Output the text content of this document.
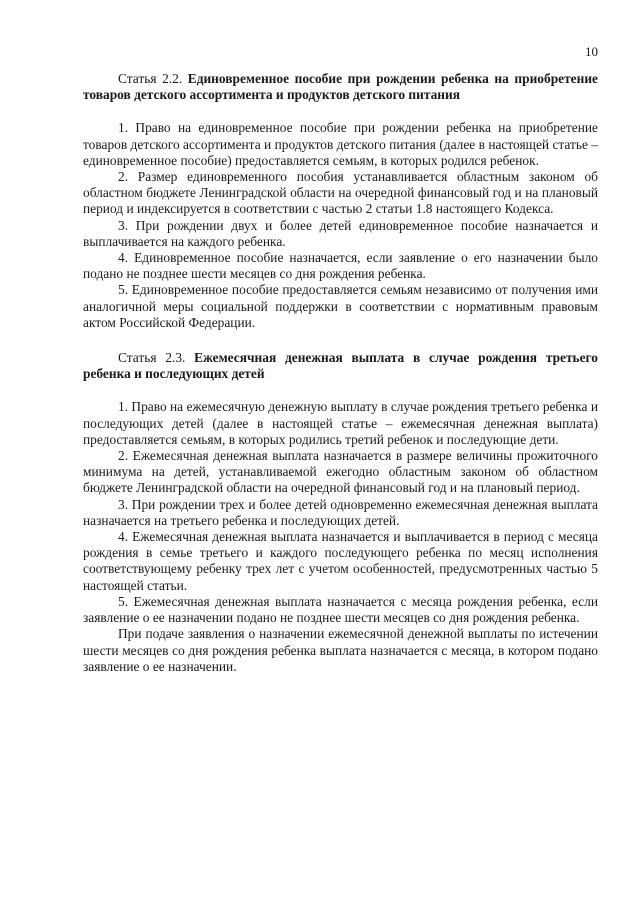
10

Статья 2.2. Единовременное пособие при рождении ребенка на приобретение товаров детского ассортимента и продуктов детского питания

1. Право на единовременное пособие при рождении ребенка на приобретение товаров детского ассортимента и продуктов детского питания (далее в настоящей статье – единовременное пособие) предоставляется семьям, в которых родился ребенок.

2. Размер единовременного пособия устанавливается областным законом об областном бюджете Ленинградской области на очередной финансовый год и на плановый период и индексируется в соответствии с частью 2 статьи 1.8 настоящего Кодекса.

3. При рождении двух и более детей единовременное пособие назначается и выплачивается на каждого ребенка.

4. Единовременное пособие назначается, если заявление о его назначении было подано не позднее шести месяцев со дня рождения ребенка.

5. Единовременное пособие предоставляется семьям независимо от получения ими аналогичной меры социальной поддержки в соответствии с нормативным правовым актом Российской Федерации.

Статья 2.3. Ежемесячная денежная выплата в случае рождения третьего ребенка и последующих детей

1. Право на ежемесячную денежную выплату в случае рождения третьего ребенка и последующих детей (далее в настоящей статье – ежемесячная денежная выплата) предоставляется семьям, в которых родились третий ребенок и последующие дети.

2. Ежемесячная денежная выплата назначается в размере величины прожиточного минимума на детей, устанавливаемой ежегодно областным законом об областном бюджете Ленинградской области на очередной финансовый год и на плановый период.

3. При рождении трех и более детей одновременно ежемесячная денежная выплата назначается на третьего ребенка и последующих детей.

4. Ежемесячная денежная выплата назначается и выплачивается в период с месяца рождения в семье третьего и каждого последующего ребенка по месяц исполнения соответствующему ребенку трех лет с учетом особенностей, предусмотренных частью 5 настоящей статьи.

5. Ежемесячная денежная выплата назначается с месяца рождения ребенка, если заявление о ее назначении подано не позднее шести месяцев со дня рождения ребенка.

При подаче заявления о назначении ежемесячной денежной выплаты по истечении шести месяцев со дня рождения ребенка выплата назначается с месяца, в котором подано заявление о ее назначении.
